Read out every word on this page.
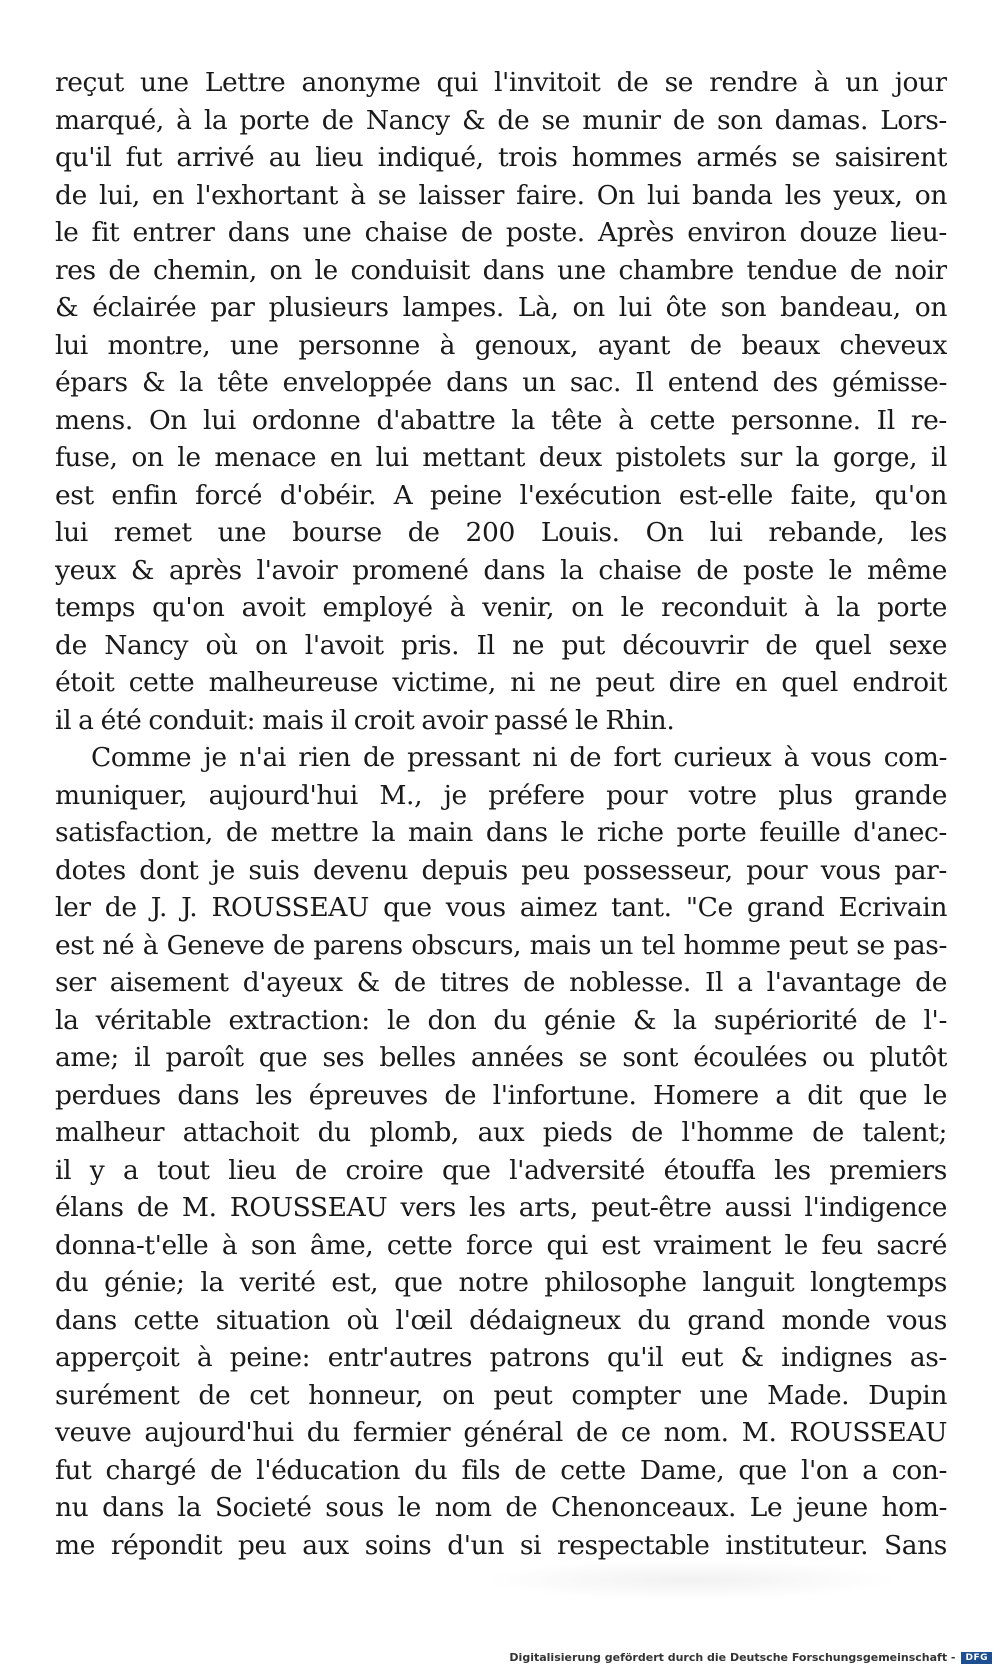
reçut une Lettre anonyme qui l'invitoit de se rendre à un jour
marqué, à la porte de Nancy & de se munir de son damas. Lors-
qu'il fut arrivé au lieu indiqué, trois hommes armés se saisirent
de lui, en l'exhortant à se laisser faire. On lui banda les yeux, on
le fit entrer dans une chaise de poste. Après environ douze lieu-
res de chemin, on le conduisit dans une chambre tendue de noir
& éclairée par plusieurs lampes. Là, on lui ôte son bandeau, on
lui montre, une personne à genoux, ayant de beaux cheveux
épars & la tête enveloppée dans un sac. Il entend des gémisse-
mens. On lui ordonne d'abattre la tête à cette personne. Il re-
fuse, on le menace en lui mettant deux pistolets sur la gorge, il
est enfin forcé d'obéir. A peine l'exécution est-elle faite, qu'on
lui remet une bourse de 200 Louis. On lui rebande, les
yeux & après l'avoir promené dans la chaise de poste le même
temps qu'on avoit employé à venir, on le reconduit à la porte
de Nancy où on l'avoit pris. Il ne put découvrir de quel sexe
étoit cette malheureuse victime, ni ne peut dire en quel endroit
il a été conduit: mais il croit avoir passé le Rhin.
Comme je n'ai rien de pressant ni de fort curieux à vous com-
muniquer, aujourd'hui M., je préfere pour votre plus grande
satisfaction, de mettre la main dans le riche porte feuille d'anec-
dotes dont je suis devenu depuis peu possesseur, pour vous par-
ler de J. J. ROUSSEAU que vous aimez tant. "Ce grand Ecrivain
est né à Geneve de parens obscurs, mais un tel homme peut se pas-
ser aisement d'ayeux & de titres de noblesse. Il a l'avantage de
la véritable extraction: le don du génie & la supériorité de l'-
ame; il paroît que ses belles années se sont écoulées ou plutôt
perdues dans les épreuves de l'infortune. Homere a dit que le
malheur attachoit du plomb, aux pieds de l'homme de talent;
il y a tout lieu de croire que l'adversité étouffa les premiers
élans de M. ROUSSEAU vers les arts, peut-être aussi l'indigence
donna-t'elle à son âme, cette force qui est vraiment le feu sacré
du génie; la verité est, que notre philosophe languit longtemps
dans cette situation où l'œil dédaigneux du grand monde vous
apperçoit à peine: entr'autres patrons qu'il eut & indignes as-
surément de cet honneur, on peut compter une Made. Dupin
veuve aujourd'hui du fermier général de ce nom. M. ROUSSEAU
fut chargé de l'éducation du fils de cette Dame, que l'on a con-
nu dans la Societé sous le nom de Chenonceaux. Le jeune hom-
me répondit peu aux soins d'un si respectable instituteur. Sans
Digitalisierung gefördert durch die Deutsche Forschungsgemeinschaft -	DFG
